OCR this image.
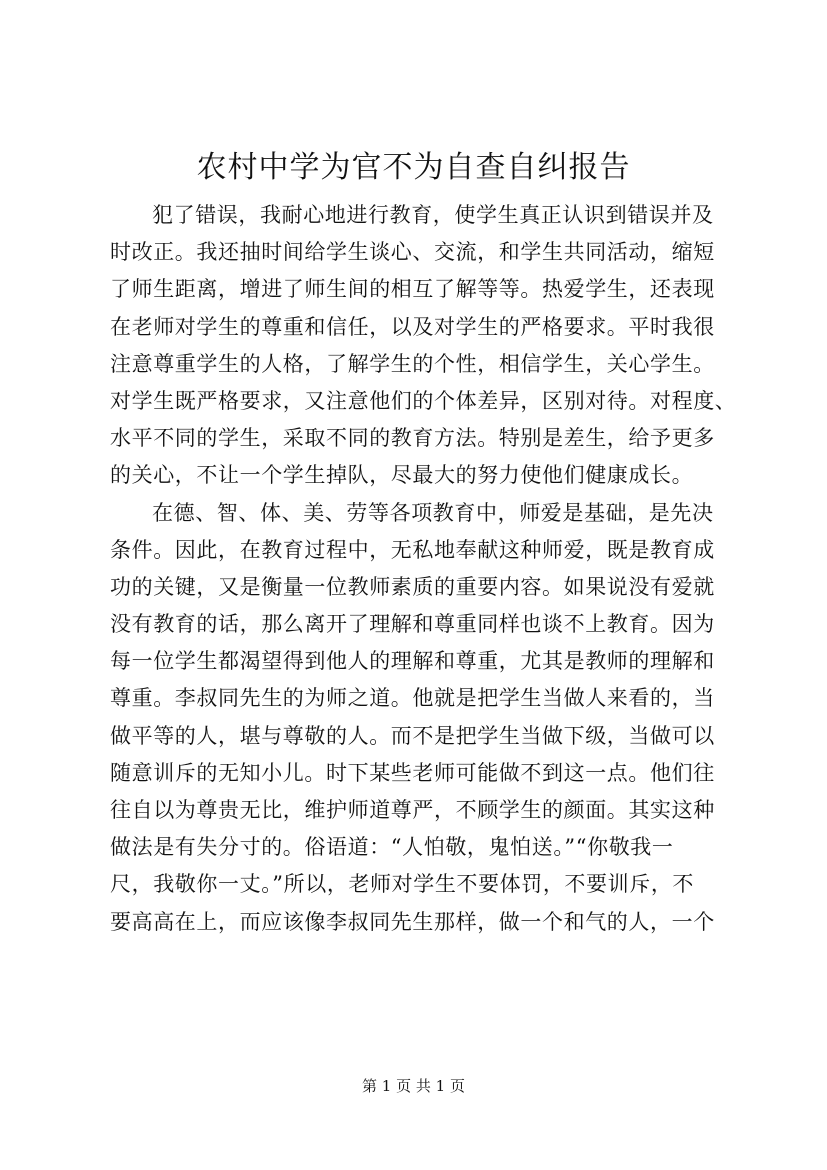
农村中学为官不为自查自纠报告
犯了错误，我耐心地进行教育，使学生真正认识到错误并及
时改正。我还抽时间给学生谈心、交流，和学生共同活动，缩短
了师生距离，增进了师生间的相互了解等等。热爱学生，还表现
在老师对学生的尊重和信任，以及对学生的严格要求。平时我很
注意尊重学生的人格，了解学生的个性，相信学生，关心学生。
对学生既严格要求，又注意他们的个体差异，区别对待。对程度、
水平不同的学生，采取不同的教育方法。特别是差生，给予更多
的关心，不让一个学生掉队，尽最大的努力使他们健康成长。
在德、智、体、美、劳等各项教育中，师爱是基础，是先决
条件。因此，在教育过程中，无私地奉献这种师爱，既是教育成
功的关键，又是衡量一位教师素质的重要内容。如果说没有爱就
没有教育的话，那么离开了理解和尊重同样也谈不上教育。因为
每一位学生都渴望得到他人的理解和尊重，尤其是教师的理解和
尊重。李叔同先生的为师之道。他就是把学生当做人来看的，当
做平等的人，堪与尊敬的人。而不是把学生当做下级，当做可以
随意训斥的无知小儿。时下某些老师可能做不到这一点。他们往
往自以为尊贵无比，维护师道尊严，不顾学生的颜面。其实这种
做法是有失分寸的。俗语道：“人怕敬，鬼怕送。”“你敬我一
尺，我敬你一丈。”所以，老师对学生不要体罚，不要训斥，不
要高高在上，而应该像李叔同先生那样，做一个和气的人，一个
第 1 页 共 1 页
